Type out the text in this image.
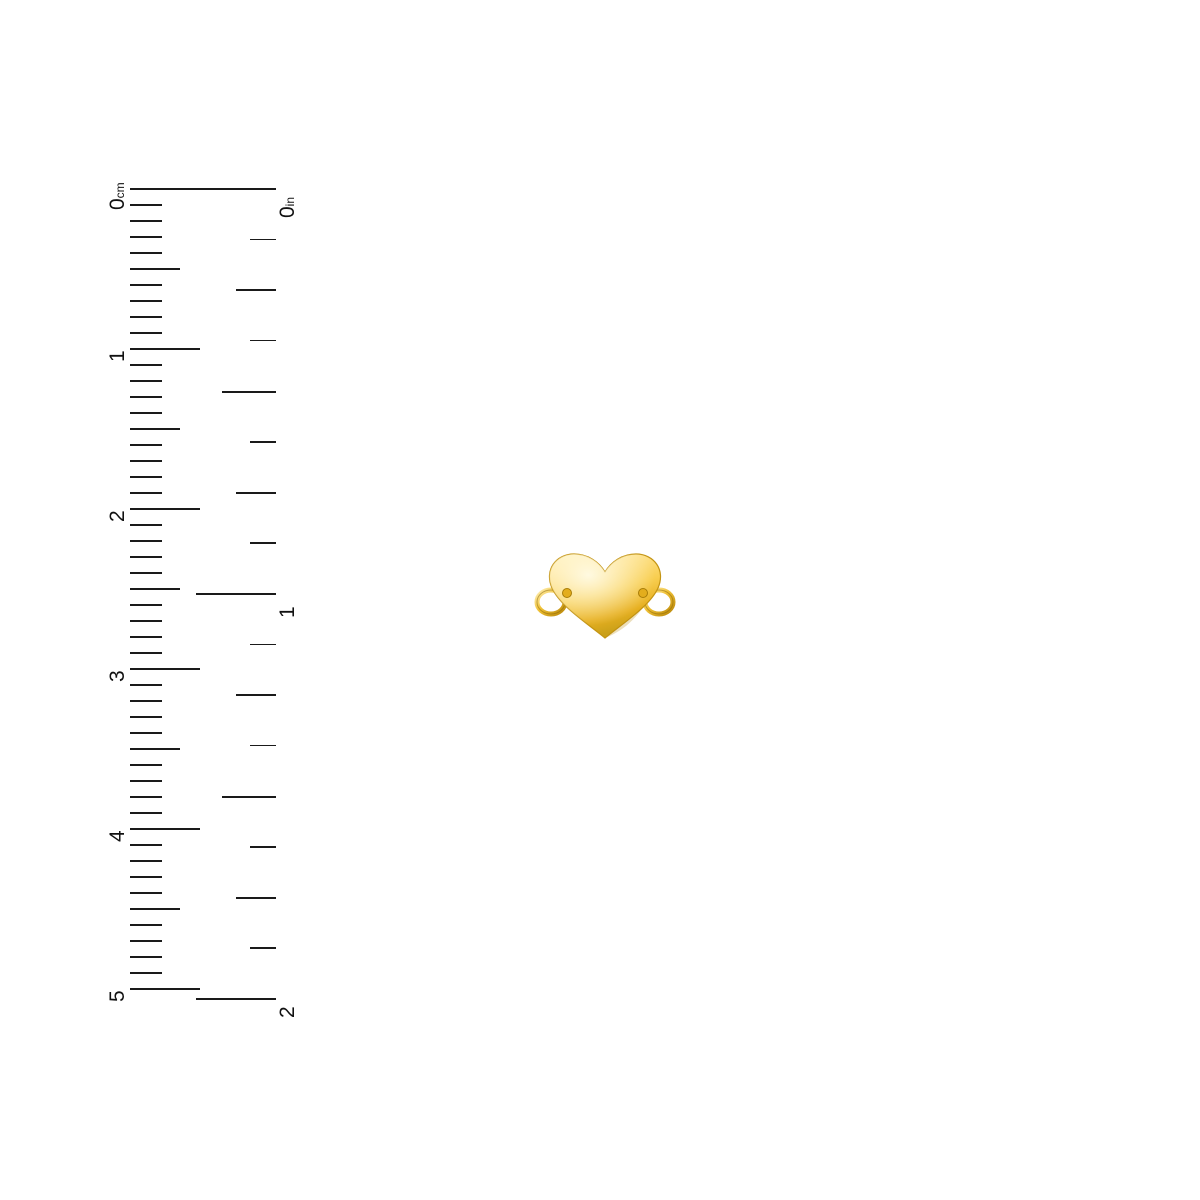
0cm
1
2
3
4
5
0in
1
2
